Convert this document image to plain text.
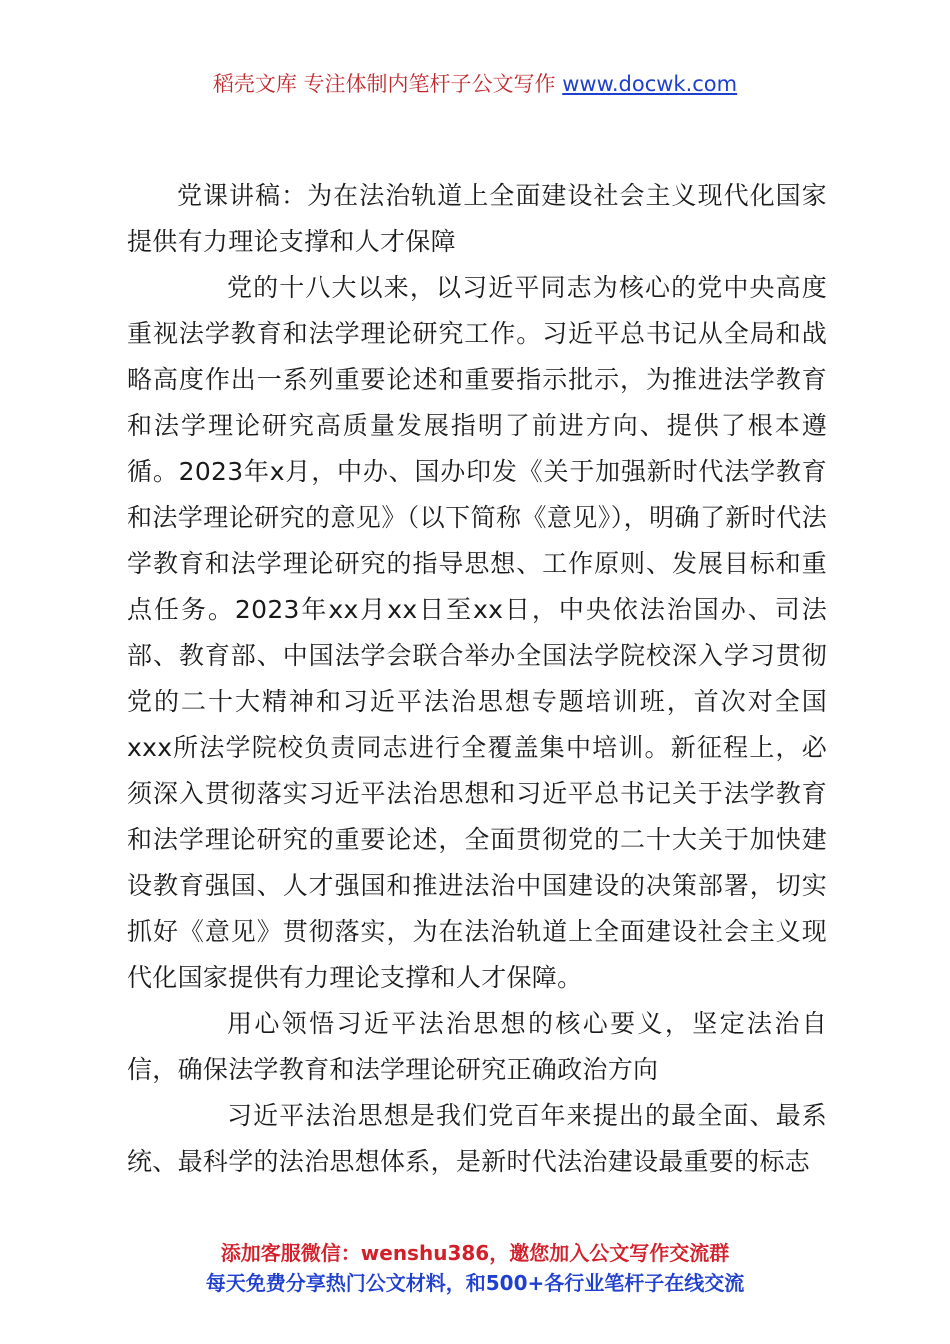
稻壳文库 专注体制内笔杆子公文写作 www.docwk.com

党课讲稿：为在法治轨道上全面建设社会主义现代化国家提供有力理论支撑和人才保障

党的十八大以来，以习近平同志为核心的党中央高度重视法学教育和法学理论研究工作。习近平总书记从全局和战略高度作出一系列重要论述和重要指示批示，为推进法学教育和法学理论研究高质量发展指明了前进方向、提供了根本遵循。2023年x月，中办、国办印发《关于加强新时代法学教育和法学理论研究的意见》（以下简称《意见》），明确了新时代法学教育和法学理论研究的指导思想、工作原则、发展目标和重点任务。2023年xx月xx日至xx日，中央依法治国办、司法部、教育部、中国法学会联合举办全国法学院校深入学习贯彻党的二十大精神和习近平法治思想专题培训班，首次对全国xxx所法学院校负责同志进行全覆盖集中培训。新征程上，必须深入贯彻落实习近平法治思想和习近平总书记关于法学教育和法学理论研究的重要论述，全面贯彻党的二十大关于加快建设教育强国、人才强国和推进法治中国建设的决策部署，切实抓好《意见》贯彻落实，为在法治轨道上全面建设社会主义现代化国家提供有力理论支撑和人才保障。

用心领悟习近平法治思想的核心要义，坚定法治自信，确保法学教育和法学理论研究正确政治方向

习近平法治思想是我们党百年来提出的最全面、最系统、最科学的法治思想体系，是新时代法治建设最重要的标志

添加客服微信：wenshu386，邀您加入公文写作交流群
每天免费分享热门公文材料，和500+各行业笔杆子在线交流
